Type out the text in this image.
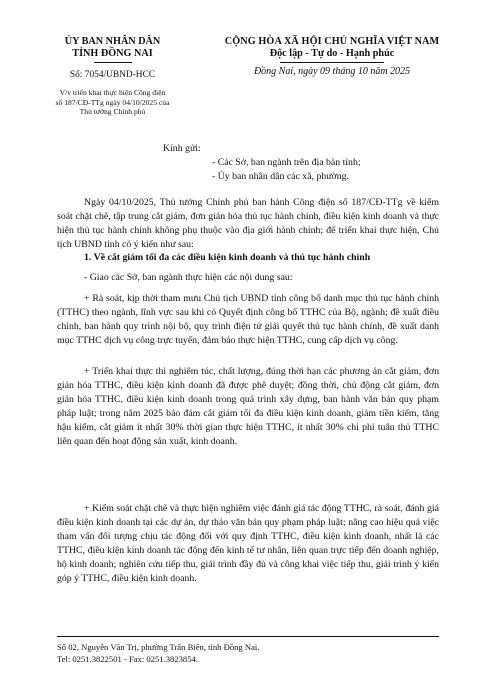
ỦY BAN NHÂN DÂN
TỈNH ĐỒNG NAI
Số: 7054/UBND-HCC
V/v triển khai thực hiện Công điện
số 187/CĐ-TTg ngày 04/10/2025 của
Thủ tướng Chính phủ
CỘNG HÒA XÃ HỘI CHỦ NGHĨA VIỆT NAM
Độc lập - Tự do - Hạnh phúc
Đồng Nai, ngày 09 tháng 10 năm 2025
Kính gửi:
- Các Sở, ban ngành trên địa bàn tỉnh;
- Ủy ban nhân dân các xã, phường.
Ngày 04/10/2025, Thủ tướng Chính phủ ban hành Công điện số 187/CĐ-TTg về kiểm soát chặt chẽ, tập trung cắt giảm, đơn giản hóa thủ tục hành chính, điều kiện kinh doanh và thực hiện thủ tục hành chính không phụ thuộc vào địa giới hành chính; để triển khai thực hiện, Chủ tịch UBND tỉnh có ý kiến như sau:
1. Về cắt giảm tối đa các điều kiện kinh doanh và thủ tục hành chính
- Giao các Sở, ban ngành thực hiện các nội dung sau:
+ Rà soát, kịp thời tham mưu Chủ tịch UBND tỉnh công bố danh mục thủ tục hành chính (TTHC) theo ngành, lĩnh vực sau khi có Quyết định công bố TTHC của Bộ, ngành; đề xuất điều chỉnh, ban hành quy trình nội bộ, quy trình điện tử giải quyết thủ tục hành chính, đề xuất danh mục TTHC dịch vụ công trực tuyến, đảm bảo thực hiện TTHC, cung cấp dịch vụ công.
+ Triển khai thực thi nghiêm túc, chất lượng, đúng thời hạn các phương án cắt giảm, đơn giản hóa TTHC, điều kiện kinh doanh đã được phê duyệt; đồng thời, chủ động cắt giảm, đơn giản hóa TTHC, điều kiện kinh doanh trong quá trình xây dựng, ban hành văn bản quy phạm pháp luật; trong năm 2025 bảo đảm cắt giảm tối đa điều kiện kinh doanh, giảm tiền kiểm, tăng hậu kiểm, cắt giảm ít nhất 30% thời gian thực hiện TTHC, ít nhất 30% chi phí tuân thủ TTHC liên quan đến hoạt động sản xuất, kinh doanh.
+ Kiểm soát chặt chẽ và thực hiện nghiêm việc đánh giá tác động TTHC, rà soát, đánh giá điều kiện kinh doanh tại các dự án, dự thảo văn bản quy phạm pháp luật; nâng cao hiệu quả việc tham vấn đối tượng chịu tác động đối với quy định TTHC, điều kiện kinh doanh, nhất là các TTHC, điều kiện kinh doanh tác động đến kinh tế tư nhân, liên quan trực tiếp đến doanh nghiệp, hộ kinh doanh; nghiên cứu tiếp thu, giải trình đầy đủ và công khai việc tiếp thu, giải trình ý kiến góp ý TTHC, điều kiện kinh doanh.
Số 02, Nguyễn Văn Trị, phường Trấn Biên, tỉnh Đồng Nai.
Tel: 0251.3822501 - Fax: 0251.3823854.
